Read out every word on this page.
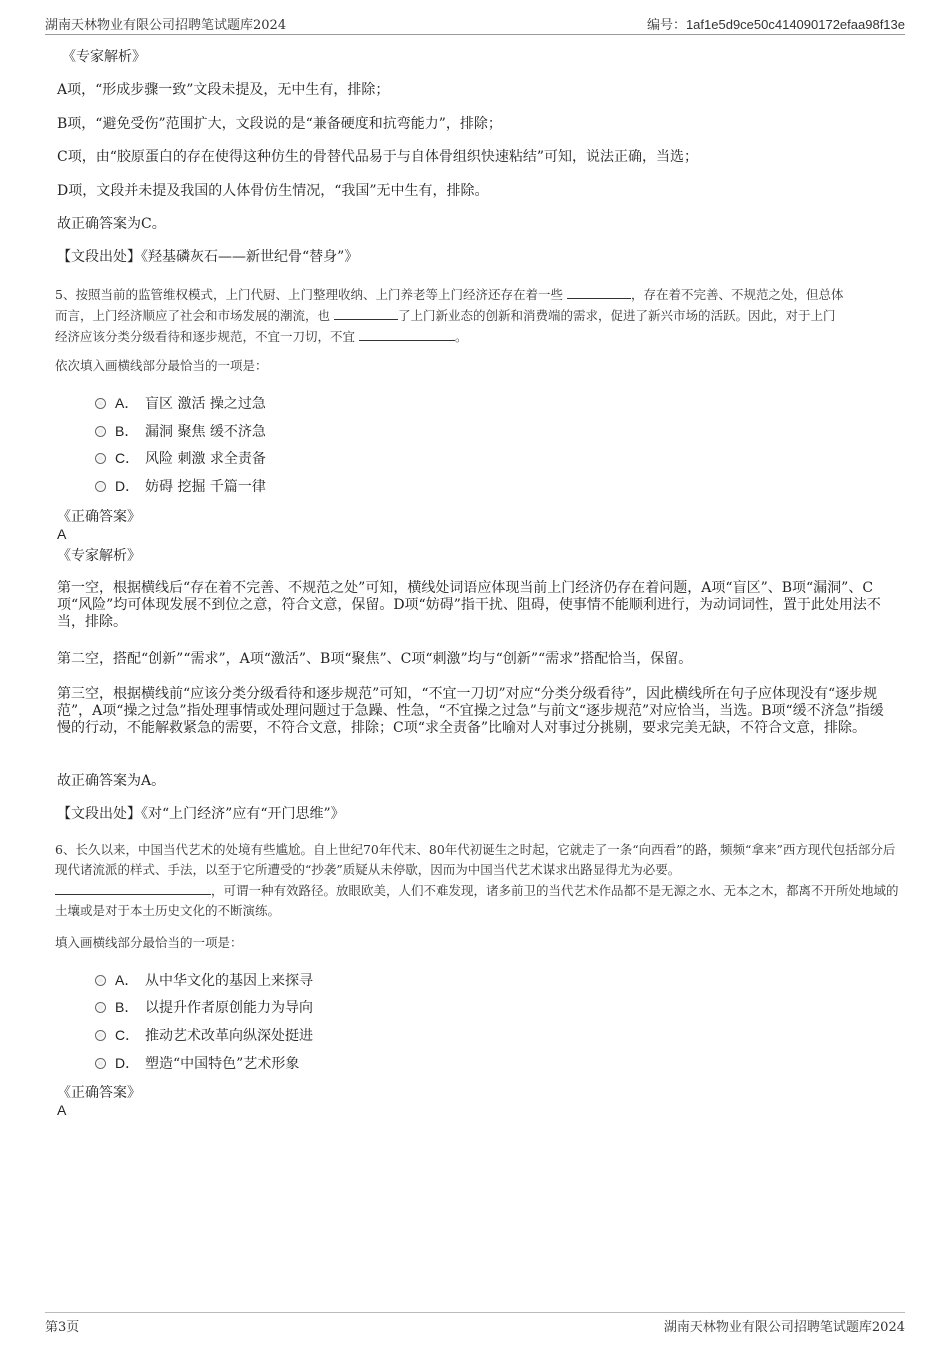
湖南天林物业有限公司招聘笔试题库2024	编号：1af1e5d9ce50c414090172efaa98f13e
《专家解析》
A项，“形成步骤一致”文段未提及，无中生有，排除；
B项，“避免受伤”范围扩大，文段说的是“兼备硬度和抗弯能力”，排除；
C项，由“胶原蛋白的存在使得这种仿生的骨替代品易于与自体骨组织快速粘结”可知，说法正确，当选；
D项，文段并未提及我国的人体骨仿生情况，“我国”无中生有，排除。
故正确答案为C。
【文段出处】《羟基磷灰石——新世纪骨“替身”》
5、按照当前的监管维权模式，上门代厨、上门整理收纳、上门养老等上门经济还存在着一些	，存在着不完善、不规范之处，但总体
而言，上门经济顺应了社会和市场发展的潮流，也	了上门新业态的创新和消费端的需求，促进了新兴市场的活跃。因此，对于上门
经济应该分类分级看待和逐步规范，不宜一刀切，不宜	。
依次填入画横线部分最恰当的一项是：
A． 盲区 激活 操之过急
B． 漏洞 聚焦 缓不济急
C． 风险 刺激 求全责备
D． 妨碍 挖掘 千篇一律
《正确答案》
A
《专家解析》
第一空，根据横线后“存在着不完善、不规范之处”可知，横线处词语应体现当前上门经济仍存在着问题，A项“盲区”、B项“漏洞”、C项“风险”均可体现发展不到位之意，符合文意，保留。D项“妨碍”指干扰、阻碍，使事情不能顺利进行，为动词词性，置于此处用法不当，排除。
第二空，搭配“创新”“需求”，A项“激活”、B项“聚焦”、C项“刺激”均与“创新”“需求”搭配恰当，保留。
第三空，根据横线前“应该分类分级看待和逐步规范”可知，“不宜一刀切”对应“分类分级看待”，因此横线所在句子应体现没有“逐步规范”，A项“操之过急”指处理事情或处理问题过于急躁、性急，“不宜操之过急”与前文“逐步规范”对应恰当，当选。B项“缓不济急”指缓慢的行动，不能解救紧急的需要，不符合文意，排除；C项“求全责备”比喻对人对事过分挑剔，要求完美无缺，不符合文意，排除。
故正确答案为A。
【文段出处】《对“上门经济”应有“开门思维”》
6、长久以来，中国当代艺术的处境有些尴尬。自上世纪70年代末、80年代初诞生之时起，它就走了一条“向西看”的路，频频“拿来”西方现代包括部分后现代诸流派的样式、手法，以至于它所遭受的“抄袭”质疑从未停歇，因而为中国当代艺术谋求出路显得尤为必要。
，可谓一种有效路径。放眼欧美，人们不难发现，诸多前卫的当代艺术作品都不是无源之水、无本之木，都离不开所处地域的土壤或是对于本土历史文化的不断演练。
填入画横线部分最恰当的一项是：
A． 从中华文化的基因上来探寻
B． 以提升作者原创能力为导向
C． 推动艺术改革向纵深处挺进
D． 塑造“中国特色”艺术形象
《正确答案》
A
第3页	湖南天林物业有限公司招聘笔试题库2024
